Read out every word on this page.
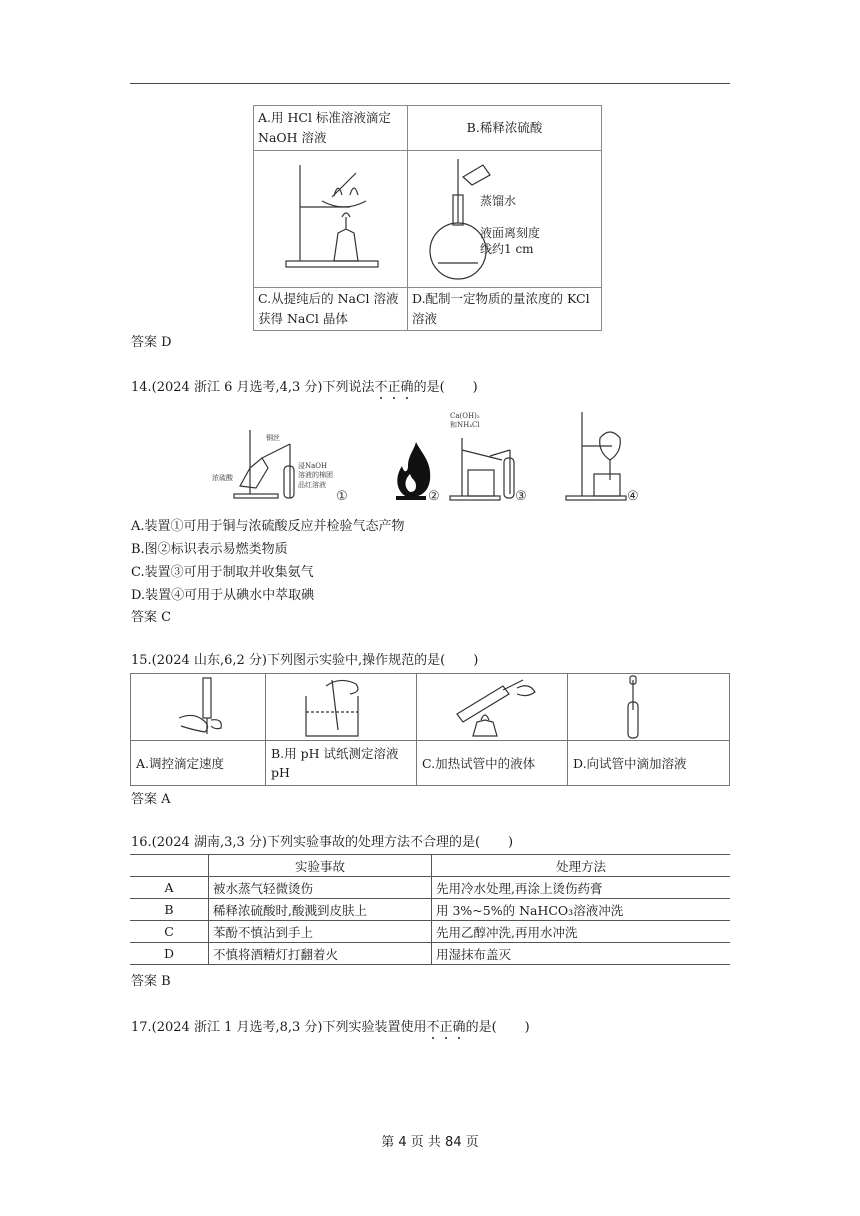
A.用 HCl 标准溶液滴定 NaOH 溶液	B.稀释浓硫酸

蒸馏水
液面离刻度
线约1 cm

C.从提纯后的 NaCl 溶液获得 NaCl 晶体	D.配制一定物质的量浓度的 KCl 溶液
答案 D
14.(2024 浙江 6 月选考,4,3 分)下列说法不正确的是( )
铜丝
浓硫酸
浸NaOH
溶液的棉团
品红溶液
①	②
Ca(OH)₂
和NH₄Cl
③	④
A.装置①可用于铜与浓硫酸反应并检验气态产物
B.图②标识表示易燃类物质
C.装置③可用于制取并收集氨气
D.装置④可用于从碘水中萃取碘
答案 C
15.(2024 山东,6,2 分)下列图示实验中,操作规范的是( )

A.调控滴定速度	B.用 pH 试纸测定溶液 pH	C.加热试管中的液体	D.向试管中滴加溶液
答案 A
16.(2024 湖南,3,3 分)下列实验事故的处理方法不合理的是( )
	实验事故	处理方法
A	被水蒸气轻微烫伤	先用冷水处理,再涂上烫伤药膏
B	稀释浓硫酸时,酸溅到皮肤上	用 3%~5%的 NaHCO₃溶液冲洗
C	苯酚不慎沾到手上	先用乙醇冲洗,再用水冲洗
D	不慎将酒精灯打翻着火	用湿抹布盖灭
答案 B
17.(2024 浙江 1 月选考,8,3 分)下列实验装置使用不正确的是( )
第 4 页 共 84 页
